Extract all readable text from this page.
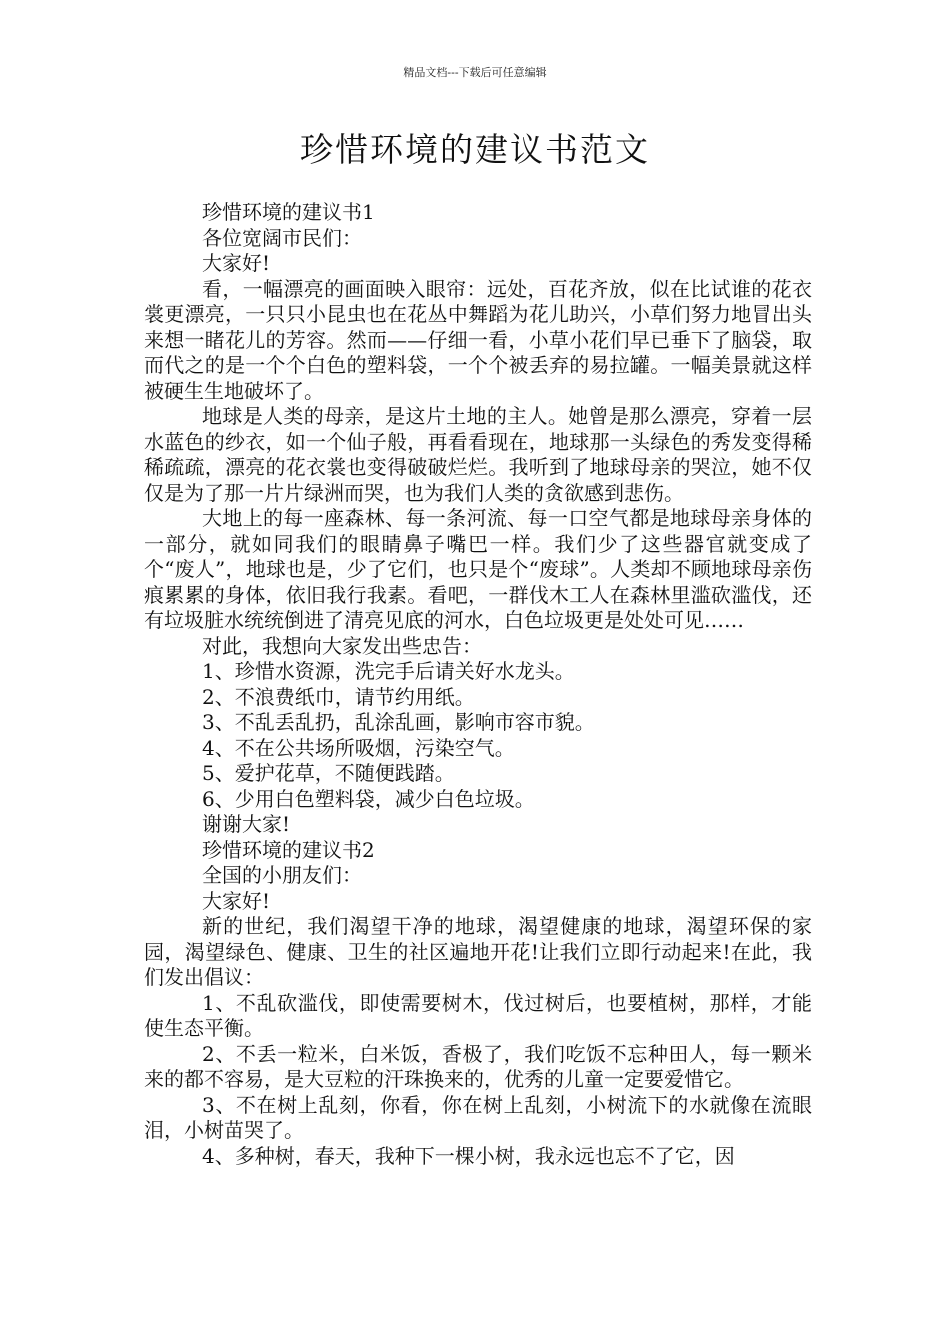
精品文档---下载后可任意编辑
珍惜环境的建议书范文

珍惜环境的建议书1

各位宽阔市民们：

大家好!

看，一幅漂亮的画面映入眼帘：远处，百花齐放，似在比试谁的花衣裳更漂亮，一只只小昆虫也在花丛中舞蹈为花儿助兴，小草们努力地冒出头来想一睹花儿的芳容。然而——仔细一看，小草小花们早已垂下了脑袋，取而代之的是一个个白色的塑料袋，一个个被丢弃的易拉罐。一幅美景就这样被硬生生地破坏了。

地球是人类的母亲，是这片土地的主人。她曾是那么漂亮，穿着一层水蓝色的纱衣，如一个仙子般，再看看现在，地球那一头绿色的秀发变得稀稀疏疏，漂亮的花衣裳也变得破破烂烂。我听到了地球母亲的哭泣，她不仅仅是为了那一片片绿洲而哭，也为我们人类的贪欲感到悲伤。

大地上的每一座森林、每一条河流、每一口空气都是地球母亲身体的一部分，就如同我们的眼睛鼻子嘴巴一样。我们少了这些器官就变成了个“废人”，地球也是，少了它们，也只是个“废球”。人类却不顾地球母亲伤痕累累的身体，依旧我行我素。看吧，一群伐木工人在森林里滥砍滥伐，还有垃圾脏水统统倒进了清亮见底的河水，白色垃圾更是处处可见……

对此，我想向大家发出些忠告：

1、珍惜水资源，洗完手后请关好水龙头。

2、不浪费纸巾，请节约用纸。

3、不乱丢乱扔，乱涂乱画，影响市容市貌。

4、不在公共场所吸烟，污染空气。

5、爱护花草，不随便践踏。

6、少用白色塑料袋，减少白色垃圾。

谢谢大家!

珍惜环境的建议书2

全国的小朋友们：

大家好!

新的世纪，我们渴望干净的地球，渴望健康的地球，渴望环保的家园，渴望绿色、健康、卫生的社区遍地开花!让我们立即行动起来!在此，我们发出倡议：

1、不乱砍滥伐，即使需要树木，伐过树后，也要植树，那样，才能使生态平衡。

2、不丢一粒米，白米饭，香极了，我们吃饭不忘种田人，每一颗米来的都不容易，是大豆粒的汗珠换来的，优秀的儿童一定要爱惜它。

3、不在树上乱刻，你看，你在树上乱刻，小树流下的水就像在流眼泪，小树苗哭了。

4、多种树，春天，我种下一棵小树，我永远也忘不了它，因
